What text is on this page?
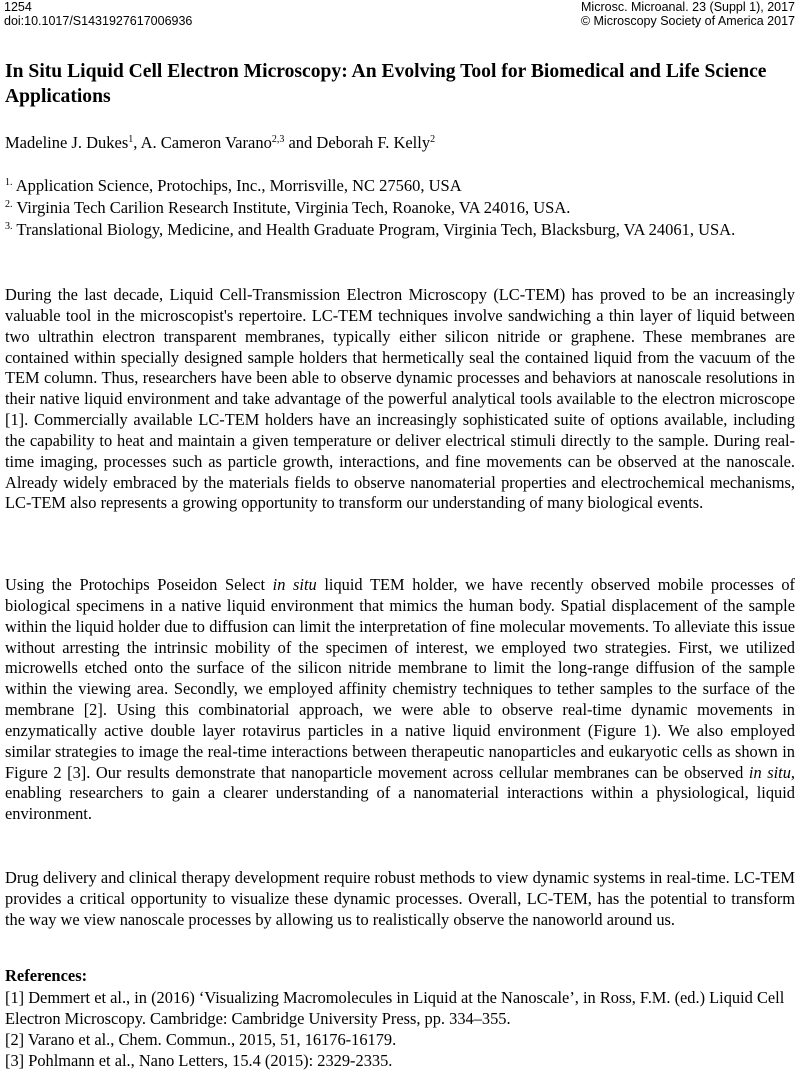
1254
doi:10.1017/S1431927617006936
Microsc. Microanal. 23 (Suppl 1), 2017
© Microscopy Society of America 2017
In Situ Liquid Cell Electron Microscopy: An Evolving Tool for Biomedical and Life Science Applications
Madeline J. Dukes$^1$, A. Cameron Varano$^{2,3}$ and Deborah F. Kelly$^2$
$^{1.}$ Application Science, Protochips, Inc., Morrisville, NC 27560, USA
$^{2.}$ Virginia Tech Carilion Research Institute, Virginia Tech, Roanoke, VA 24016, USA.
$^{3.}$ Translational Biology, Medicine, and Health Graduate Program, Virginia Tech, Blacksburg, VA 24061, USA.
During the last decade, Liquid Cell-Transmission Electron Microscopy (LC-TEM) has proved to be an increasingly valuable tool in the microscopist's repertoire. LC-TEM techniques involve sandwiching a thin layer of liquid between two ultrathin electron transparent membranes, typically either silicon nitride or graphene. These membranes are contained within specially designed sample holders that hermetically seal the contained liquid from the vacuum of the TEM column. Thus, researchers have been able to observe dynamic processes and behaviors at nanoscale resolutions in their native liquid environment and take advantage of the powerful analytical tools available to the electron microscope [1]. Commercially available LC-TEM holders have an increasingly sophisticated suite of options available, including the capability to heat and maintain a given temperature or deliver electrical stimuli directly to the sample. During real-time imaging, processes such as particle growth, interactions, and fine movements can be observed at the nanoscale. Already widely embraced by the materials fields to observe nanomaterial properties and electrochemical mechanisms, LC-TEM also represents a growing opportunity to transform our understanding of many biological events.
Using the Protochips Poseidon Select in situ liquid TEM holder, we have recently observed mobile processes of biological specimens in a native liquid environment that mimics the human body. Spatial displacement of the sample within the liquid holder due to diffusion can limit the interpretation of fine molecular movements. To alleviate this issue without arresting the intrinsic mobility of the specimen of interest, we employed two strategies. First, we utilized microwells etched onto the surface of the silicon nitride membrane to limit the long-range diffusion of the sample within the viewing area. Secondly, we employed affinity chemistry techniques to tether samples to the surface of the membrane [2]. Using this combinatorial approach, we were able to observe real-time dynamic movements in enzymatically active double layer rotavirus particles in a native liquid environment (Figure 1). We also employed similar strategies to image the real-time interactions between therapeutic nanoparticles and eukaryotic cells as shown in Figure 2 [3]. Our results demonstrate that nanoparticle movement across cellular membranes can be observed in situ, enabling researchers to gain a clearer understanding of a nanomaterial interactions within a physiological, liquid environment.
Drug delivery and clinical therapy development require robust methods to view dynamic systems in real-time. LC-TEM provides a critical opportunity to visualize these dynamic processes. Overall, LC-TEM, has the potential to transform the way we view nanoscale processes by allowing us to realistically observe the nanoworld around us.
References:
[1] Demmert et al., in (2016) ‘Visualizing Macromolecules in Liquid at the Nanoscale’, in Ross, F.M. (ed.) Liquid Cell Electron Microscopy. Cambridge: Cambridge University Press, pp. 334–355.
[2] Varano et al., Chem. Commun., 2015, 51, 16176-16179.
[3] Pohlmann et al., Nano Letters, 15.4 (2015): 2329-2335.
